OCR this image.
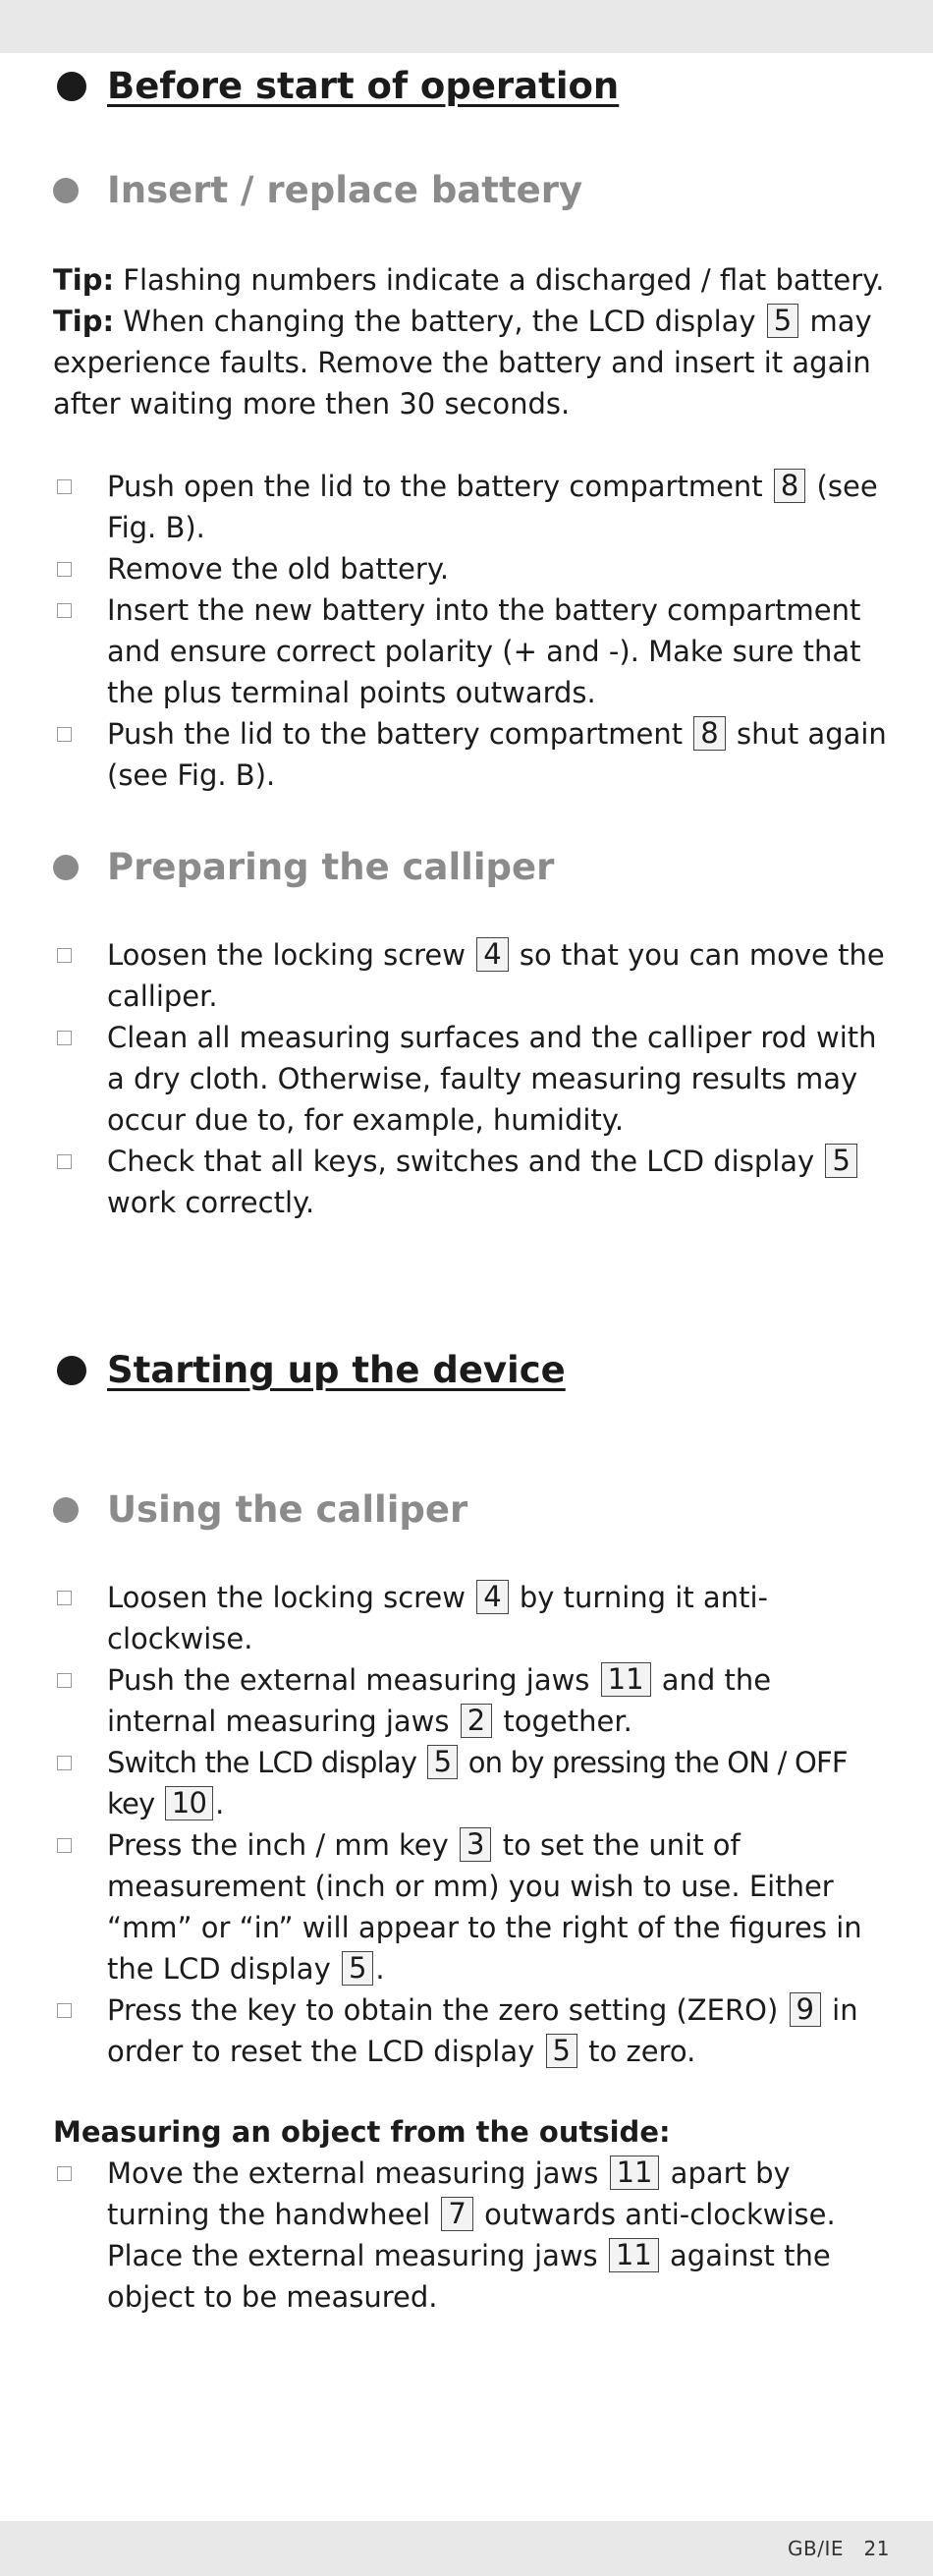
Before start of operation
Insert / replace battery

Tip: Flashing numbers indicate a discharged / flat battery.

Tip: When changing the battery, the LCD display 5 may experience faults. Remove the battery and insert it again after waiting more then 30 seconds.

Push open the lid to the battery compartment 8 (see Fig. B).
Remove the old battery.
Insert the new battery into the battery compartment and ensure correct polarity (+ and -). Make sure that the plus terminal points outwards.
Push the lid to the battery compartment 8 shut again (see Fig. B).
Preparing the calliper
Loosen the locking screw 4 so that you can move the calliper.
Clean all measuring surfaces and the calliper rod with a dry cloth. Otherwise, faulty measuring results may occur due to, for example, humidity.
Check that all keys, switches and the LCD display 5 work correctly.
Starting up the device
Using the calliper
Loosen the locking screw 4 by turning it anti-clockwise.
Push the external measuring jaws 11 and the internal measuring jaws 2 together.
Switch the LCD display 5 on by pressing the ON / OFF key 10 .
Press the inch / mm key 3 to set the unit of measurement (inch or mm) you wish to use. Either “mm” or “in” will appear to the right of the figures in the LCD display 5 .
Press the key to obtain the zero setting (ZERO) 9 in order to reset the LCD display 5 to zero.

Measuring an object from the outside:

Move the external measuring jaws 11 apart by turning the handwheel 7 outwards anti-clockwise. Place the external measuring jaws 11 against the object to be measured.
GB/IE   21
